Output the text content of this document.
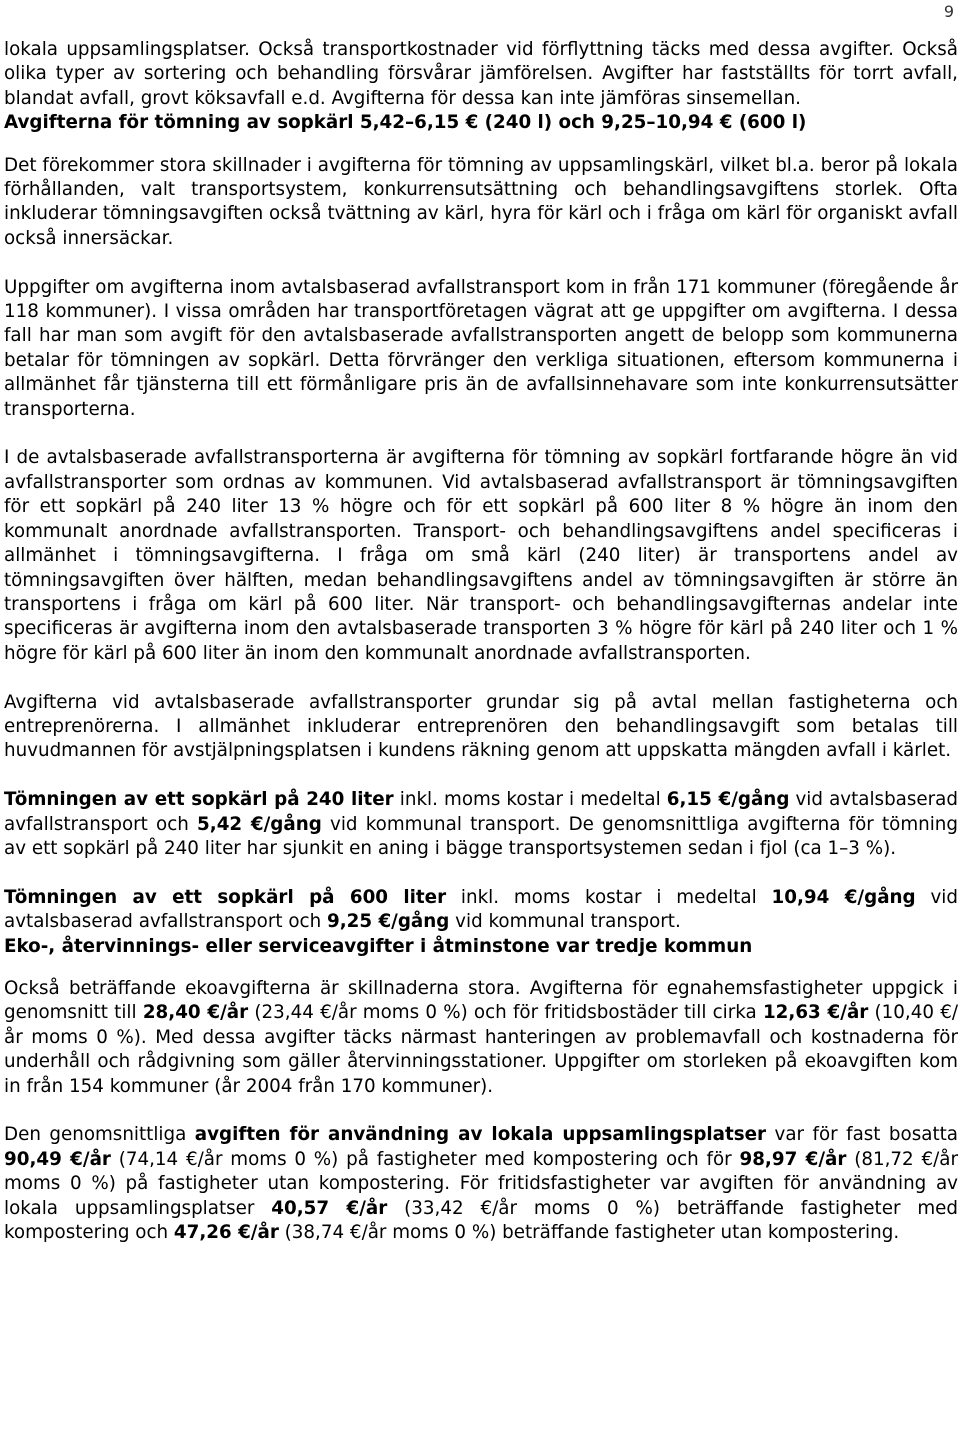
9

lokala uppsamlingsplatser. Också transportkostnader vid förflyttning täcks med dessa avgifter. Också olika typer av sortering och behandling försvårar jämförelsen. Avgifter har fastställts för torrt avfall, blandat avfall, grovt köksavfall e.d. Avgifterna för dessa kan inte jämföras sinsemellan.

Avgifterna för tömning av sopkärl 5,42–6,15 € (240 l) och 9,25–10,94 € (600 l)

Det förekommer stora skillnader i avgifterna för tömning av uppsamlingskärl, vilket bl.a. beror på lokala förhållanden, valt transportsystem, konkurrensutsättning och behandlingsavgiftens storlek. Ofta inkluderar tömningsavgiften också tvättning av kärl, hyra för kärl och i fråga om kärl för organiskt avfall också innersäckar.

Uppgifter om avgifterna inom avtalsbaserad avfallstransport kom in från 171 kommuner (föregående år 118 kommuner). I vissa områden har transportföretagen vägrat att ge uppgifter om avgifterna. I dessa fall har man som avgift för den avtalsbaserade avfallstransporten angett de belopp som kommunerna betalar för tömningen av sopkärl. Detta förvränger den verkliga situationen, eftersom kommunerna i allmänhet får tjänsterna till ett förmånligare pris än de avfallsinnehavare som inte konkurrensutsätter transporterna.

I de avtalsbaserade avfallstransporterna är avgifterna för tömning av sopkärl fortfarande högre än vid avfallstransporter som ordnas av kommunen. Vid avtalsbaserad avfallstransport är tömningsavgiften för ett sopkärl på 240 liter 13 % högre och för ett sopkärl på 600 liter 8 % högre än inom den kommunalt anordnade avfallstransporten. Transport- och behandlingsavgiftens andel specificeras i allmänhet i tömningsavgifterna. I fråga om små kärl (240 liter) är transportens andel av tömningsavgiften över hälften, medan behandlingsavgiftens andel av tömningsavgiften är större än transportens i fråga om kärl på 600 liter. När transport- och behandlingsavgifternas andelar inte specificeras är avgifterna inom den avtalsbaserade transporten 3 % högre för kärl på 240 liter och 1 % högre för kärl på 600 liter än inom den kommunalt anordnade avfallstransporten.

Avgifterna vid avtalsbaserade avfallstransporter grundar sig på avtal mellan fastigheterna och entreprenörerna. I allmänhet inkluderar entreprenören den behandlingsavgift som betalas till huvudmannen för avstjälpningsplatsen i kundens räkning genom att uppskatta mängden avfall i kärlet.

Tömningen av ett sopkärl på 240 liter inkl. moms kostar i medeltal 6,15 €/gång vid avtalsbaserad avfallstransport och 5,42 €/gång vid kommunal transport. De genomsnittliga avgifterna för tömning av ett sopkärl på 240 liter har sjunkit en aning i bägge transportsystemen sedan i fjol (ca 1–3 %).

Tömningen av ett sopkärl på 600 liter inkl. moms kostar i medeltal 10,94 €/gång vid avtalsbaserad avfallstransport och 9,25 €/gång vid kommunal transport.

Eko-, återvinnings- eller serviceavgifter i åtminstone var tredje kommun

Också beträffande ekoavgifterna är skillnaderna stora. Avgifterna för egnahemsfastigheter uppgick i genomsnitt till 28,40 €/år (23,44 €/år moms 0 %) och för fritidsbostäder till cirka 12,63 €/år (10,40 €/år moms 0 %). Med dessa avgifter täcks närmast hanteringen av problemavfall och kostnaderna för underhåll och rådgivning som gäller återvinningsstationer. Uppgifter om storleken på ekoavgiften kom in från 154 kommuner (år 2004 från 170 kommuner).

Den genomsnittliga avgiften för användning av lokala uppsamlingsplatser var för fast bosatta 90,49 €/år (74,14 €/år moms 0 %) på fastigheter med kompostering och för 98,97 €/år (81,72 €/år moms 0 %) på fastigheter utan kompostering. För fritidsfastigheter var avgiften för användning av lokala uppsamlingsplatser 40,57 €/år (33,42 €/år moms 0 %) beträffande fastigheter med kompostering och 47,26 €/år (38,74 €/år moms 0 %) beträffande fastigheter utan kompostering.
